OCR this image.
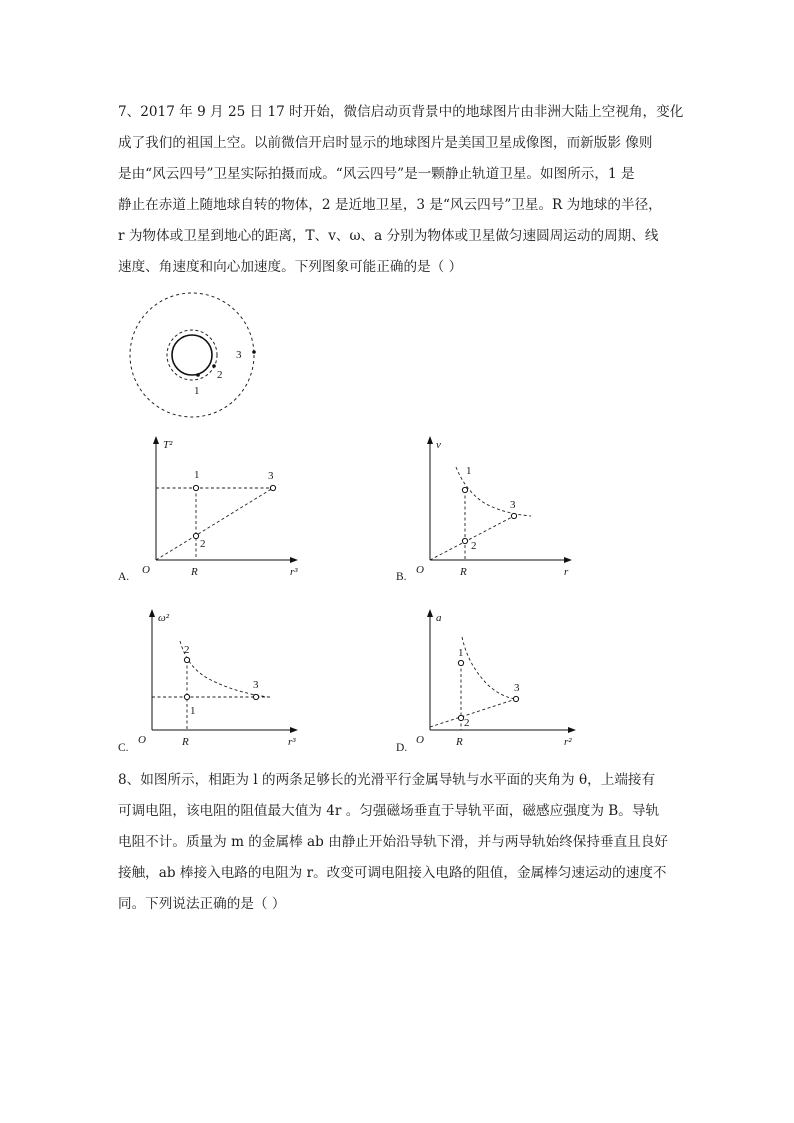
7、2017 年 9 月 25 日 17 时开始，微信启动页背景中的地球图片由非洲大陆上空视角，变化
成了我们的祖国上空。以前微信开启时显示的地球图片是美国卫星成像图，而新版影 像则
是由“风云四号”卫星实际拍摄而成。“风云四号”是一颗静止轨道卫星。如图所示，1 是
静止在赤道上随地球自转的物体，2 是近地卫星，3 是“风云四号”卫星。R 为地球的半径，
r 为物体或卫星到地心的距离，T、v、ω、a 分别为物体或卫星做匀速圆周运动的周期、线
速度、角速度和向心加速度。下列图象可能正确的是（ ）
1
2
3
1
2
3
T²
r³
O	R
A.
1
2
3
v
r
O	R
B.
2
1
3
ω²
r³
O	R
C.
1
2
3
a
r²
O	R
D.
8、如图所示，相距为 l 的两条足够长的光滑平行金属导轨与水平面的夹角为 θ，上端接有
可调电阻，该电阻的阻值最大值为 4r 。匀强磁场垂直于导轨平面，磁感应强度为 B。导轨
电阻不计。质量为 m 的金属棒 ab 由静止开始沿导轨下滑，并与两导轨始终保持垂直且良好
接触，ab 棒接入电路的电阻为 r。改变可调电阻接入电路的阻值，金属棒匀速运动的速度不
同。下列说法正确的是（ ）
